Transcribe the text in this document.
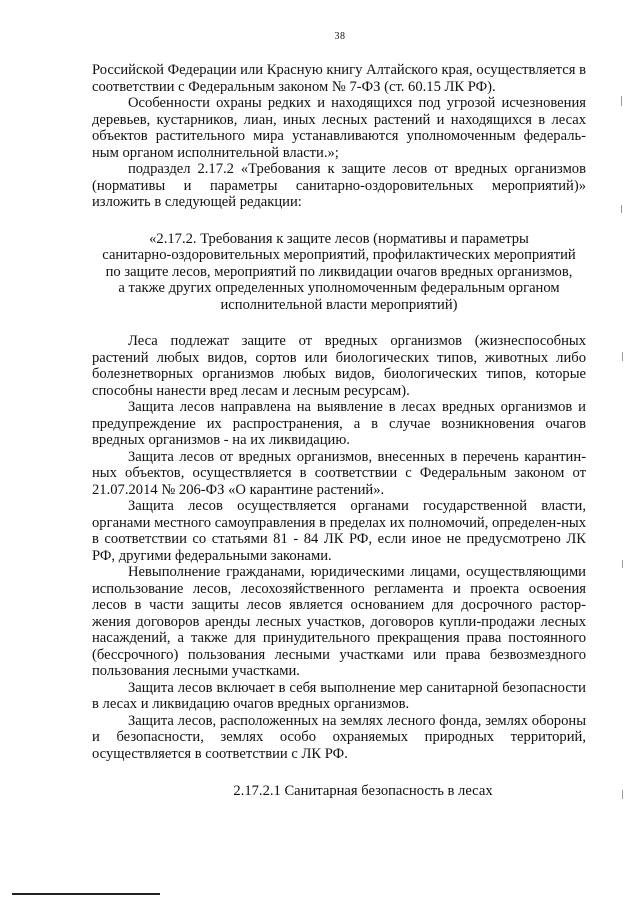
38

Российской Федерации или Красную книгу Алтайского края, осуществляется в соответствии с Федеральным законом № 7-ФЗ (ст. 60.15 ЛК РФ).

Особенности охраны редких и находящихся под угрозой исчезновения деревьев, кустарников, лиан, иных лесных растений и находящихся в лесах объектов растительного мира устанавливаются уполномоченным федераль-ным органом исполнительной власти.»;

подраздел 2.17.2 «Требования к защите лесов от вредных организмов (нормативы и параметры санитарно-оздоровительных мероприятий)» изложить в следующей редакции:

«2.17.2. Требования к защите лесов (нормативы и параметры
санитарно-оздоровительных мероприятий, профилактических мероприятий
по защите лесов, мероприятий по ликвидации очагов вредных организмов,
а также других определенных уполномоченным федеральным органом
исполнительной власти мероприятий)

Леса подлежат защите от вредных организмов (жизнеспособных растений любых видов, сортов или биологических типов, животных либо болезнетворных организмов любых видов, биологических типов, которые способны нанести вред лесам и лесным ресурсам).

Защита лесов направлена на выявление в лесах вредных организмов и предупреждение их распространения, а в случае возникновения очагов вредных организмов - на их ликвидацию.

Защита лесов от вредных организмов, внесенных в перечень карантин-ных объектов, осуществляется в соответствии с Федеральным законом от 21.07.2014 № 206-ФЗ «О карантине растений».

Защита лесов осуществляется органами государственной власти, органами местного самоуправления в пределах их полномочий, определен-ных в соответствии со статьями 81 - 84 ЛК РФ, если иное не предусмотрено ЛК РФ, другими федеральными законами.

Невыполнение гражданами, юридическими лицами, осуществляющими использование лесов, лесохозяйственного регламента и проекта освоения лесов в части защиты лесов является основанием для досрочного растор-жения договоров аренды лесных участков, договоров купли-продажи лесных насаждений, а также для принудительного прекращения права постоянного (бессрочного) пользования лесными участками или права безвозмездного пользования лесными участками.

Защита лесов включает в себя выполнение мер санитарной безопасности в лесах и ликвидацию очагов вредных организмов.

Защита лесов, расположенных на землях лесного фонда, землях обороны и безопасности, землях особо охраняемых природных территорий, осуществляется в соответствии с ЛК РФ.

2.17.2.1 Санитарная безопасность в лесах
